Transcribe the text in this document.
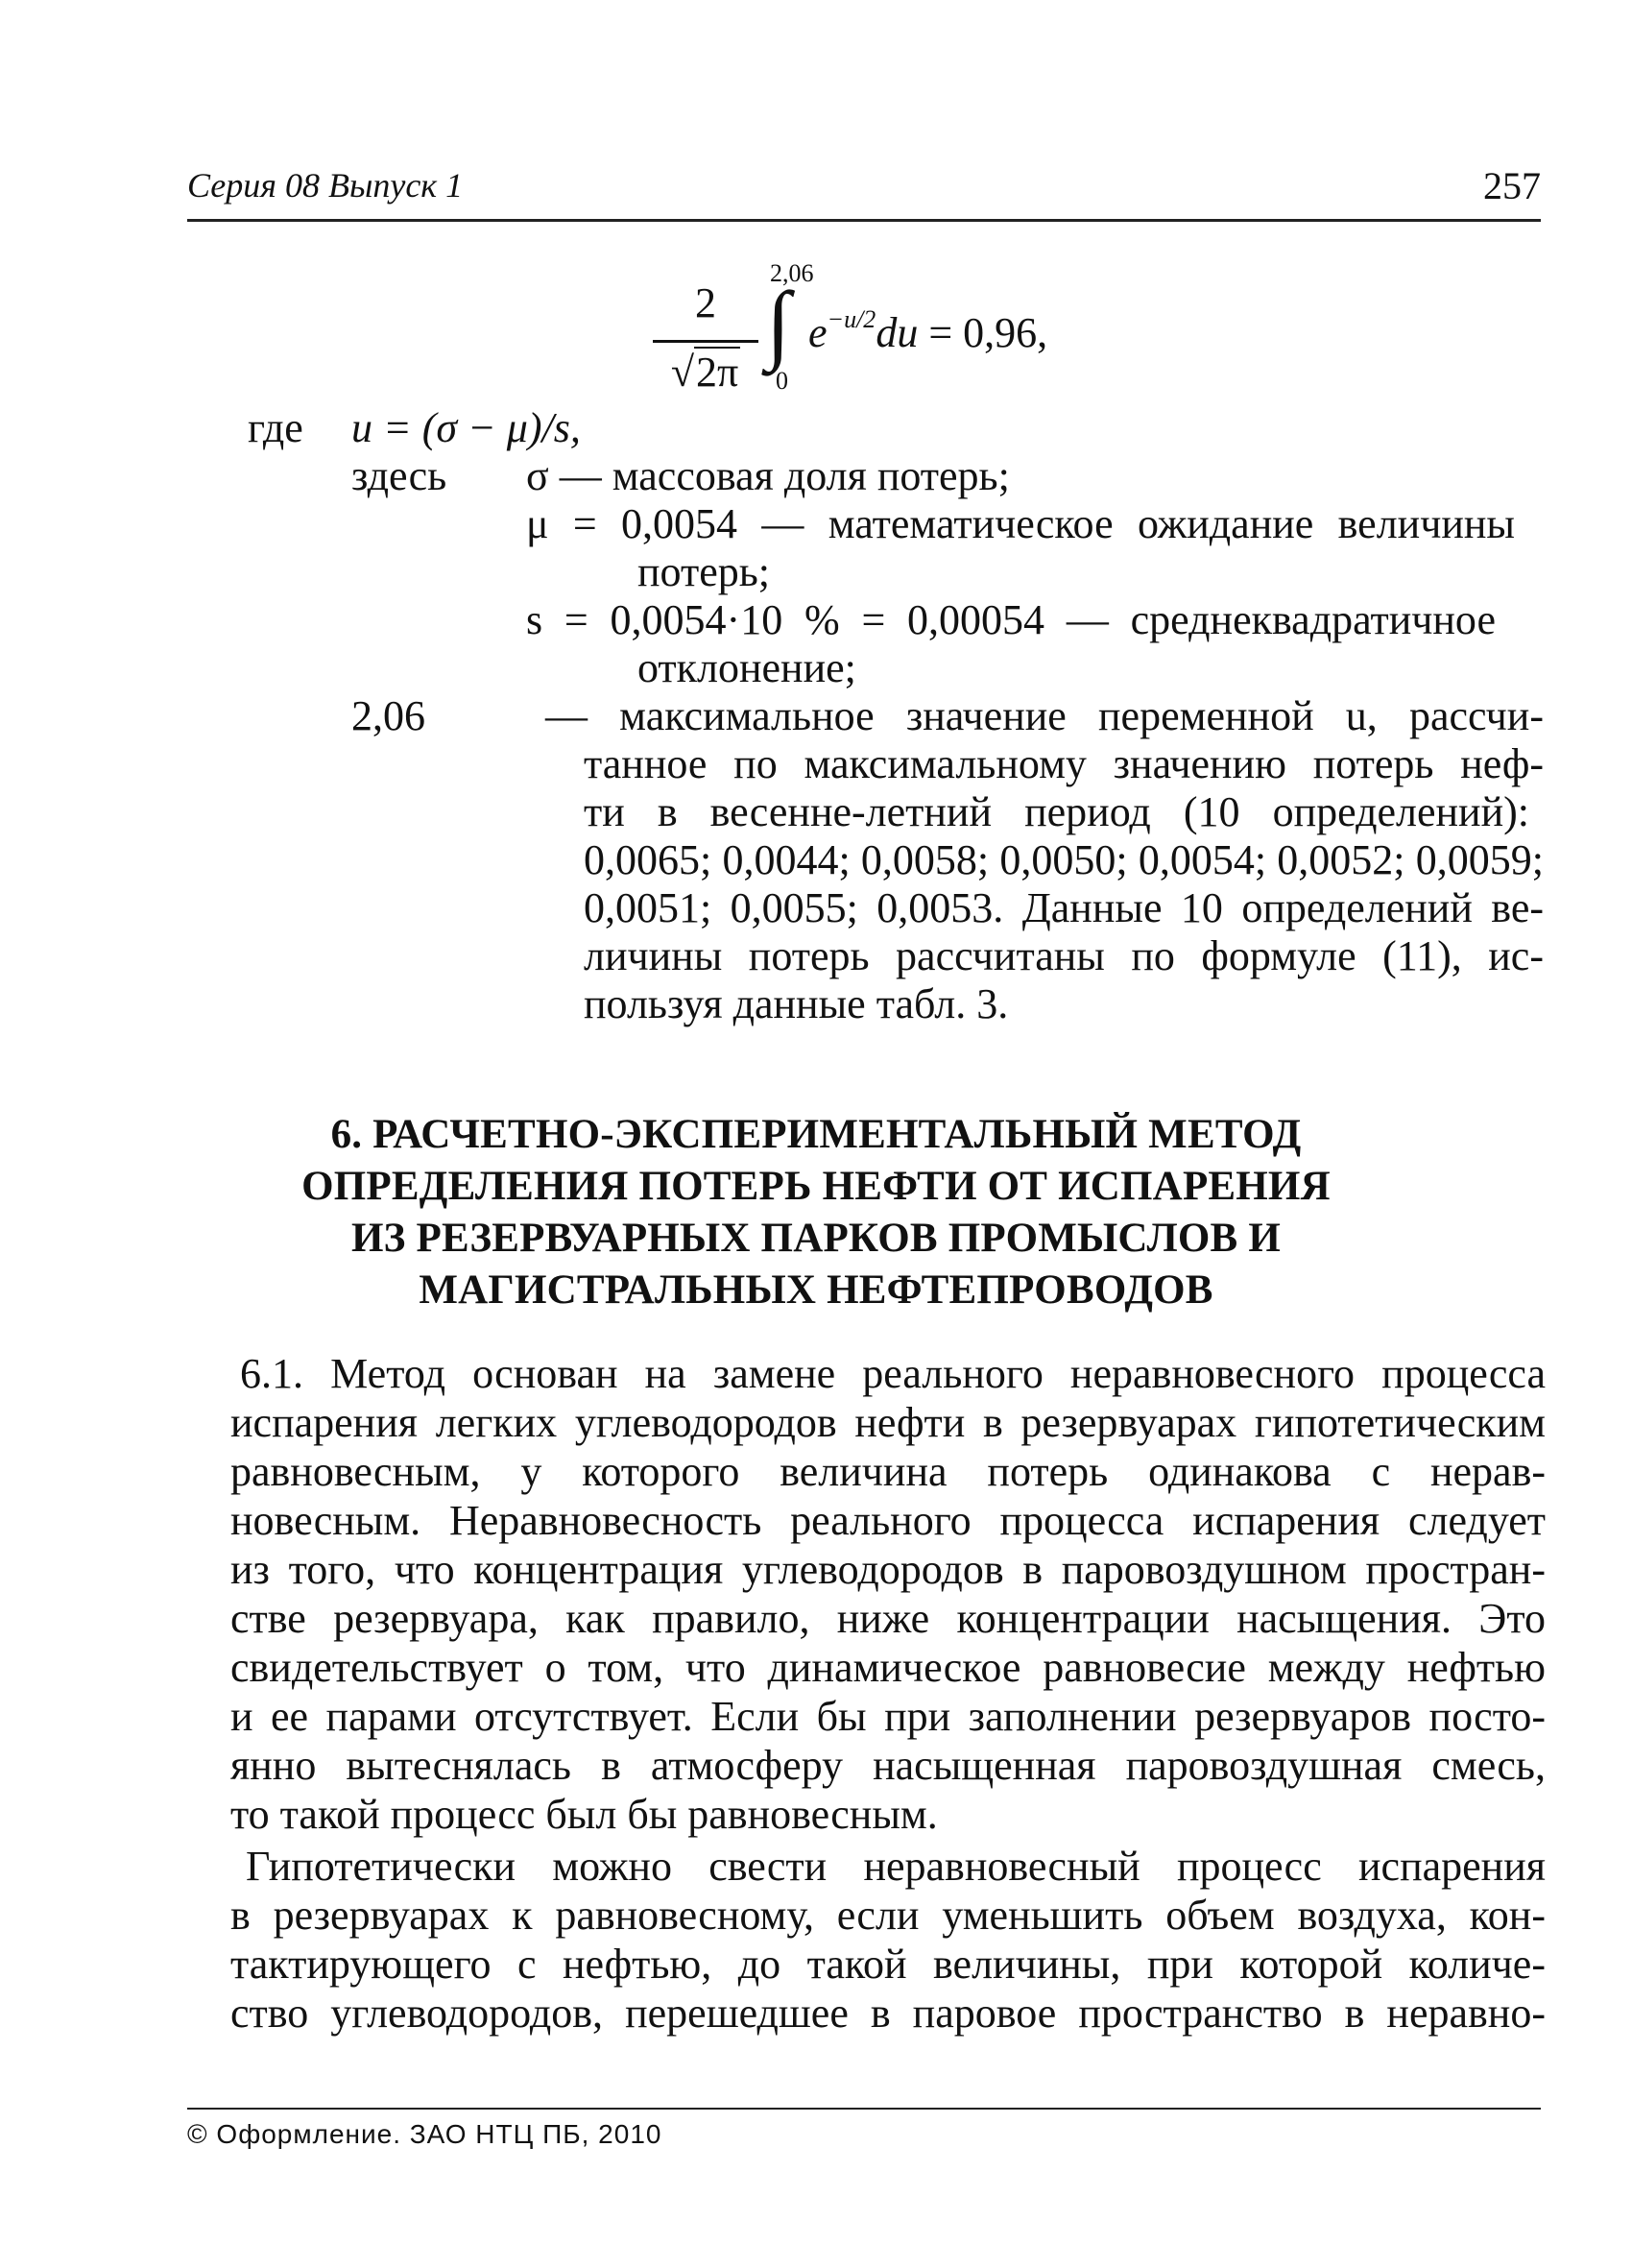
Серия 08 Выпуск 1	257
2
√2π
2,06
∫
0
$e^{-u/2}du = 0,96$,
где u = (σ − μ)/s,
здесь σ — массовая доля потерь;
μ = 0,0054 — математическое ожидание величины
потерь;
s = 0,0054·10 % = 0,00054 — среднеквадратичное
отклонение;
2,06	— максимальное значение переменной u, рассчи-
танное по максимальному значению потерь неф-
ти в весенне-летний период (10 определений):
0,0065; 0,0044; 0,0058; 0,0050; 0,0054; 0,0052; 0,0059;
0,0051; 0,0055; 0,0053. Данные 10 определений ве-
личины потерь рассчитаны по формуле (11), ис-
пользуя данные табл. 3.
6. РАСЧЕТНО-ЭКСПЕРИМЕНТАЛЬНЫЙ МЕТОД
ОПРЕДЕЛЕНИЯ ПОТЕРЬ НЕФТИ ОТ ИСПАРЕНИЯ
ИЗ РЕЗЕРВУАРНЫХ ПАРКОВ ПРОМЫСЛОВ И
МАГИСТРАЛЬНЫХ НЕФТЕПРОВОДОВ
6.1. Метод основан на замене реального неравновесного процесса
испарения легких углеводородов нефти в резервуарах гипотетическим
равновесным, у которого величина потерь одинакова с нерав-
новесным. Неравновесность реального процесса испарения следует
из того, что концентрация углеводородов в паровоздушном простран-
стве резервуара, как правило, ниже концентрации насыщения. Это
свидетельствует о том, что динамическое равновесие между нефтью
и ее парами отсутствует. Если бы при заполнении резервуаров посто-
янно вытеснялась в атмосферу насыщенная паровоздушная смесь,
то такой процесс был бы равновесным.
Гипотетически можно свести неравновесный процесс испарения
в резервуарах к равновесному, если уменьшить объем воздуха, кон-
тактирующего с нефтью, до такой величины, при которой количе-
ство углеводородов, перешедшее в паровое пространство в неравно-
© Оформление. ЗАО НТЦ ПБ, 2010
